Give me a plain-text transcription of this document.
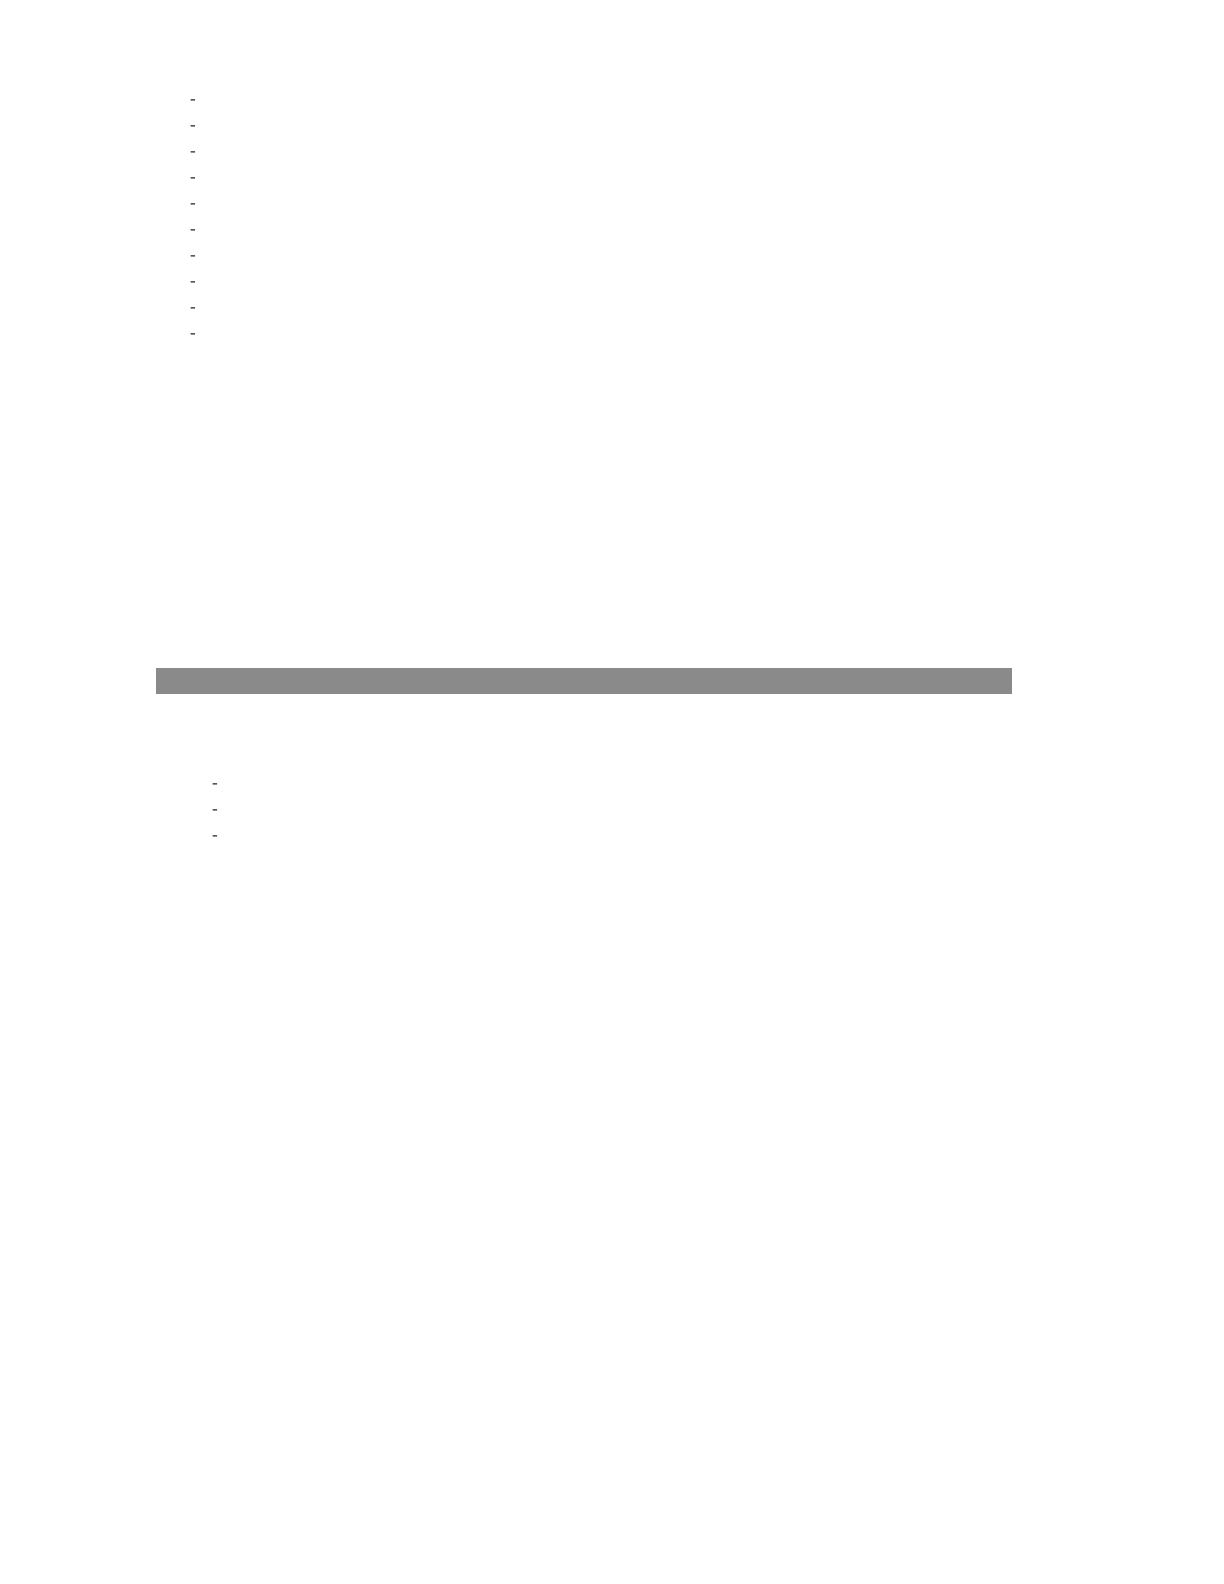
-
-
-
-
-
-
-
-
-
-
-
-
-
